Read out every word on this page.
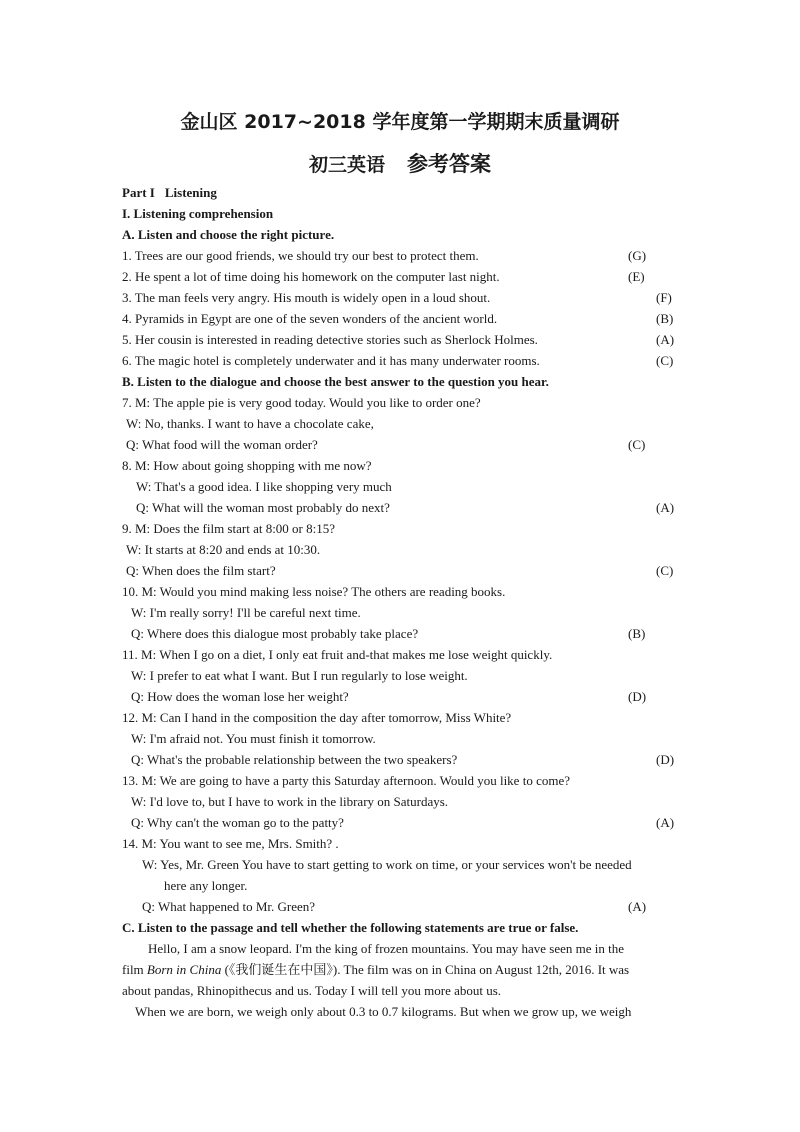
金山区 2017~2018 学年度第一学期期末质量调研
初三英语 参考答案
Part I Listening
I. Listening comprehension
A. Listen and choose the right picture.
1. Trees are our good friends, we should try our best to protect them.	(G)
2. He spent a lot of time doing his homework on the computer last night.	(E)
3. The man feels very angry. His mouth is widely open in a loud shout.	(F)
4. Pyramids in Egypt are one of the seven wonders of the ancient world.	(B)
5. Her cousin is interested in reading detective stories such as Sherlock Holmes.	(A)
6. The magic hotel is completely underwater and it has many underwater rooms.	(C)
B. Listen to the dialogue and choose the best answer to the question you hear.
7. M: The apple pie is very good today. Would you like to order one?
W: No, thanks. I want to have a chocolate cake,
Q: What food will the woman order?	(C)
8. M: How about going shopping with me now?
W: That's a good idea. I like shopping very much
Q: What will the woman most probably do next?	(A)
9. M: Does the film start at 8:00 or 8:15?
W: It starts at 8:20 and ends at 10:30.
Q: When does the film start?	(C)
10. M: Would you mind making less noise? The others are reading books.
W: I'm really sorry! I'll be careful next time.
Q: Where does this dialogue most probably take place?	(B)
11. M: When I go on a diet, I only eat fruit and-that makes me lose weight quickly.
W: I prefer to eat what I want. But I run regularly to lose weight.
Q: How does the woman lose her weight?	(D)
12. M: Can I hand in the composition the day after tomorrow, Miss White?
W: I'm afraid not. You must finish it tomorrow.
Q: What's the probable relationship between the two speakers?	(D)
13. M: We are going to have a party this Saturday afternoon. Would you like to come?
W: I'd love to, but I have to work in the library on Saturdays.
Q: Why can't the woman go to the patty?	(A)
14. M: You want to see me, Mrs. Smith? .
W: Yes, Mr. Green You have to start getting to work on time, or your services won't be needed
here any longer.
Q: What happened to Mr. Green?	(A)
C. Listen to the passage and tell whether the following statements are true or false.
Hello, I am a snow leopard. I'm the king of frozen mountains. You may have seen me in the
film Born in China (《我们诞生在中国》). The film was on in China on August 12th, 2016. It was
about pandas, Rhinopithecus and us. Today I will tell you more about us.
When we are born, we weigh only about 0.3 to 0.7 kilograms. But when we grow up, we weigh
